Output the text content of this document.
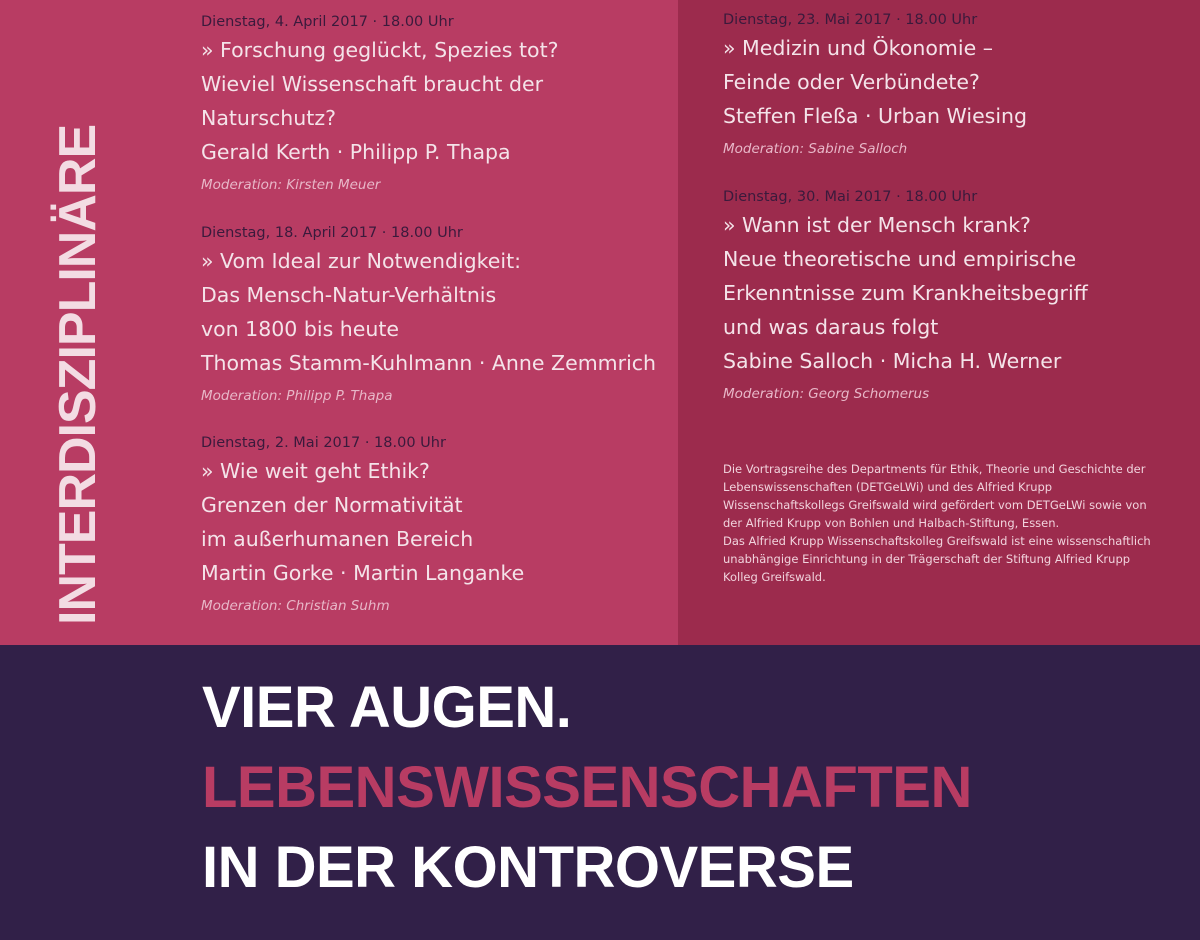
INTERDISZIPLINÄRE
Dienstag, 4. April 2017 · 18.00 Uhr
» Forschung geglückt, Spezies tot?
Wieviel Wissenschaft braucht der
Naturschutz?
Gerald Kerth · Philipp P. Thapa
Moderation: Kirsten Meuer
Dienstag, 18. April 2017 · 18.00 Uhr
» Vom Ideal zur Notwendigkeit:
Das Mensch-Natur-Verhältnis
von 1800 bis heute
Thomas Stamm-Kuhlmann · Anne Zemmrich
Moderation: Philipp P. Thapa
Dienstag, 2. Mai 2017 · 18.00 Uhr
» Wie weit geht Ethik?
Grenzen der Normativität
im außerhumanen Bereich
Martin Gorke · Martin Langanke
Moderation: Christian Suhm
Dienstag, 23. Mai 2017 · 18.00 Uhr
» Medizin und Ökonomie –
Feinde oder Verbündete?
Steffen Fleßa · Urban Wiesing
Moderation: Sabine Salloch
Dienstag, 30. Mai 2017 · 18.00 Uhr
» Wann ist der Mensch krank?
Neue theoretische und empirische
Erkenntnisse zum Krankheitsbegriff
und was daraus folgt
Sabine Salloch · Micha H. Werner
Moderation: Georg Schomerus

Die Vortragsreihe des Departments für Ethik, Theorie und Geschichte der Lebenswissenschaften (DETGeLWi) und des Alfried Krupp Wissenschaftskollegs Greifswald wird gefördert vom DETGeLWi sowie von der Alfried Krupp von Bohlen und Halbach-Stiftung, Essen.

Das Alfried Krupp Wissenschaftskolleg Greifswald ist eine wissenschaftlich unabhängige Einrichtung in der Trägerschaft der Stiftung Alfried Krupp Kolleg Greifswald.

VIER AUGEN.
LEBENSWISSENSCHAFTEN
IN DER KONTROVERSE
